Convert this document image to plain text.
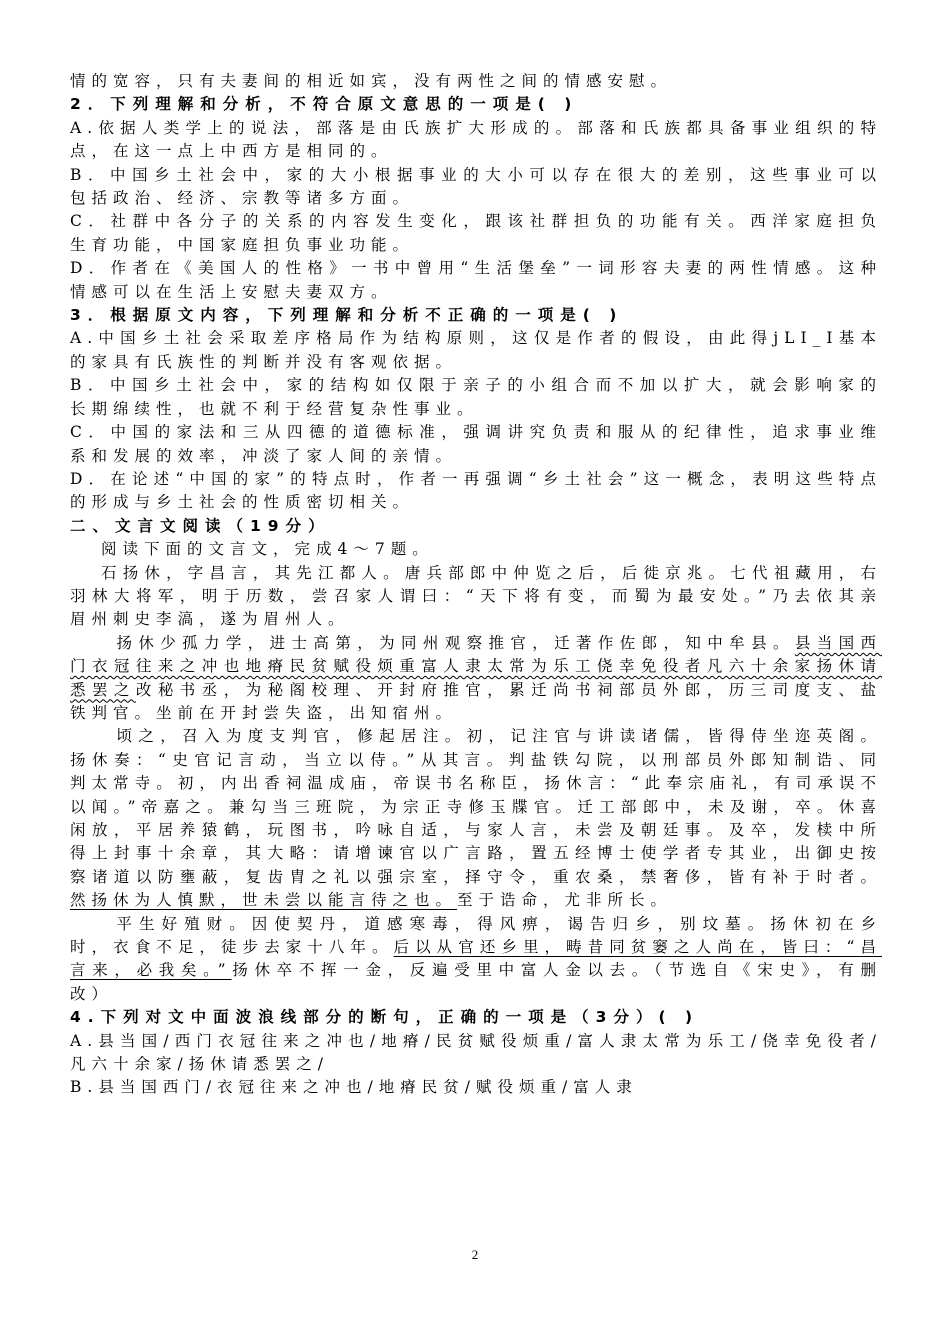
情的宽容，只有夫妻间的相近如宾，没有两性之间的情感安慰。

2．下列理解和分析，不符合原文意思的一项是( )

A.依据人类学上的说法，部落是由氏族扩大形成的。部落和氏族都具备事业组织的特点，在这一点上中西方是相同的。

B．中国乡土社会中，家的大小根据事业的大小可以存在很大的差别，这些事业可以包括政治、经济、宗教等诸多方面。

C．社群中各分子的关系的内容发生变化，跟该社群担负的功能有关。西洋家庭担负生育功能，中国家庭担负事业功能。

D．作者在《美国人的性格》一书中曾用“生活堡垒”一词形容夫妻的两性情感。这种情感可以在生活上安慰夫妻双方。

3．根据原文内容，下列理解和分析不正确的一项是( )

A.中国乡土社会采取差序格局作为结构原则，这仅是作者的假设，由此得jLI_I基本的家具有氏族性的判断并没有客观依据。

B．中国乡土社会中，家的结构如仅限于亲子的小组合而不加以扩大，就会影响家的长期绵续性，也就不利于经营复杂性事业。

C．中国的家法和三从四德的道德标准，强调讲究负责和服从的纪律性，追求事业维系和发展的效率，冲淡了家人间的亲情。

D．在论述“中国的家”的特点时，作者一再强调“乡土社会”这一概念，表明这些特点的形成与乡土社会的性质密切相关。

二、文言文阅读（19分）

阅读下面的文言文，完成4～7题。

石扬休，字昌言，其先江都人。唐兵部郎中仲览之后，后徙京兆。七代祖藏用，右羽林大将军，明于历数，尝召家人谓曰：“天下将有变，而蜀为最安处。”乃去依其亲眉州刺史李滈，遂为眉州人。

扬休少孤力学，进士高第，为同州观察推官，迁著作佐郎，知中牟县。县当国西门衣冠往来之冲也地瘠民贫赋役烦重富人隶太常为乐工侥幸免役者凡六十余家扬休请悉罢之改秘书丞，为秘阁校理、开封府推官，累迁尚书祠部员外郎，历三司度支、盐铁判官。坐前在开封尝失盗，出知宿州。

顷之，召入为度支判官，修起居注。初，记注官与讲读诸儒，皆得侍坐迩英阁。扬休奏：“史官记言动，当立以侍。”从其言。判盐铁勾院，以刑部员外郎知制诰、同判太常寺。初，内出香祠温成庙，帝误书名称臣，扬休言：“此奉宗庙礼，有司承误不以闻。”帝嘉之。兼勾当三班院，为宗正寺修玉牒官。迁工部郎中，未及谢，卒。休喜闲放，平居养猿鹤，玩图书，吟咏自适，与家人言，未尝及朝廷事。及卒，发椟中所得上封事十余章，其大略：请增谏官以广言路，置五经博士使学者专其业，出御史按察诸道以防壅蔽，复齿胄之礼以强宗室，择守令，重农桑，禁奢侈，皆有补于时者。然扬休为人慎默，世未尝以能言待之也。至于诰命，尤非所长。

平生好殖财。因使契丹，道感寒毒，得风痹，谒告归乡，别坟墓。扬休初在乡时，衣食不足，徒步去家十八年。后以从官还乡里，畴昔同贫窭之人尚在，皆曰：“昌言来，必我矣。”扬休卒不挥一金，反遍受里中富人金以去。（节选自《宋史》，有删改）

4.下列对文中面波浪线部分的断句，正确的一项是（3分）( )

A.县当国/西门衣冠往来之冲也/地瘠/民贫赋役烦重/富人隶太常为乐工/侥幸免役者/凡六十余家/扬休请悉罢之/

B.县当国西门/衣冠往来之冲也/地瘠民贫/赋役烦重/富人隶

2
